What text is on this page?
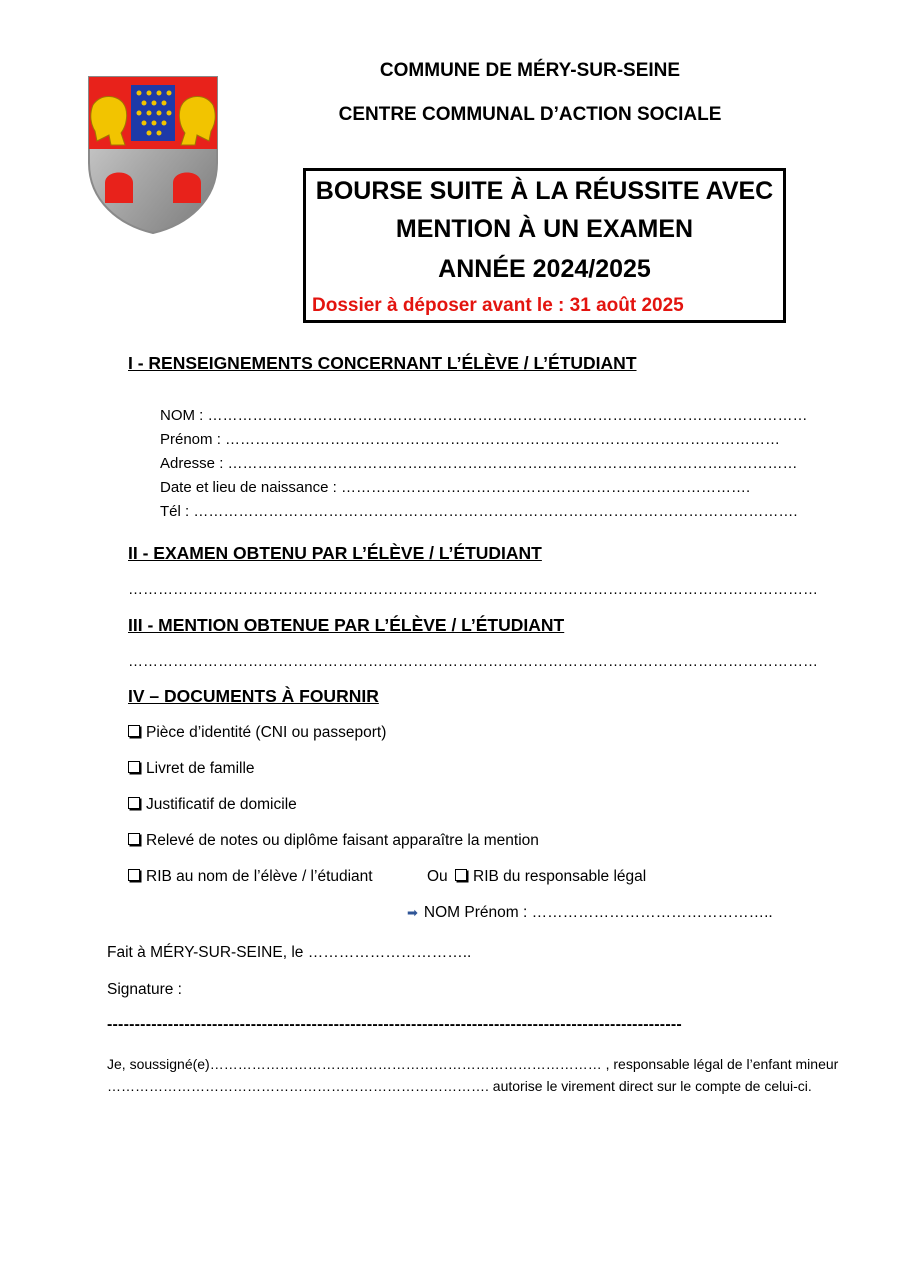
COMMUNE DE MÉRY-SUR-SEINE
CENTRE COMMUNAL D’ACTION SOCIALE
BOURSE SUITE À LA RÉUSSITE AVEC
MENTION À UN EXAMEN
ANNÉE 2024/2025
Dossier à déposer avant le : 31 août 2025
I - RENSEIGNEMENTS CONCERNANT L’ÉLÈVE / L’ÉTUDIANT
NOM : …………………………………………………………………………………………………………
Prénom : …………………………………………………………………………………………………
Adresse : ……………………………………………………………………………………………………
Date et lieu de naissance : ……………………………………………………………………….
Tél : ………………………………………………………………………………………………………….
II - EXAMEN OBTENU PAR L’ÉLÈVE / L’ÉTUDIANT
…………………………………………………………………………………………………………………………
III - MENTION OBTENUE PAR L’ÉLÈVE / L’ÉTUDIANT
…………………………………………………………………………………………………………………………
IV – DOCUMENTS À FOURNIR
Pièce d’identité (CNI ou passeport)
Livret de famille
Justificatif de domicile
Relevé de notes ou diplôme faisant apparaître la mention
RIB au nom de l’élève / l’étudiant	Ou RIB du responsable légal
➡ NOM Prénom : ………………………………………..
Fait à MÉRY-SUR-SEINE, le …………………………..
Signature :
--------------------------------------------------------------------------------------------------------
Je, soussigné(e)………………………………………………………………………… , responsable légal de l’enfant mineur
………………………………………………………………………. autorise le virement direct sur le compte de celui-ci.
